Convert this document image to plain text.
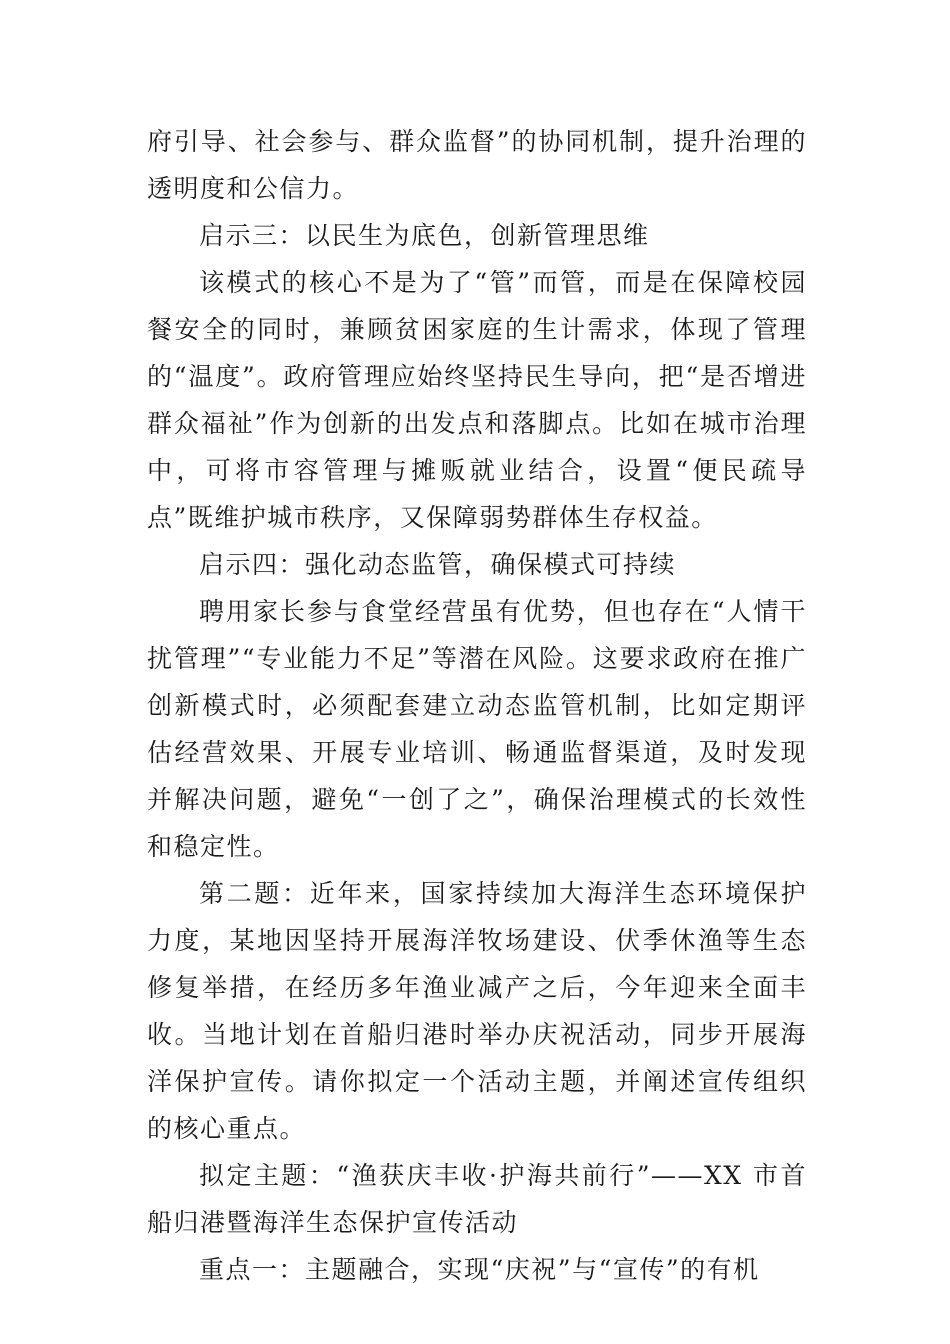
府引导、社会参与、群众监督”的协同机制，提升治理的透明度和公信力。

启示三：以民生为底色，创新管理思维

该模式的核心不是为了“管”而管，而是在保障校园餐安全的同时，兼顾贫困家庭的生计需求，体现了管理的“温度”。政府管理应始终坚持民生导向，把“是否增进群众福祉”作为创新的出发点和落脚点。比如在城市治理中，可将市容管理与摊贩就业结合，设置“便民疏导点”既维护城市秩序，又保障弱势群体生存权益。

启示四：强化动态监管，确保模式可持续

聘用家长参与食堂经营虽有优势，但也存在“人情干扰管理”“专业能力不足”等潜在风险。这要求政府在推广创新模式时，必须配套建立动态监管机制，比如定期评估经营效果、开展专业培训、畅通监督渠道，及时发现并解决问题，避免“一创了之”，确保治理模式的长效性和稳定性。

第二题：近年来，国家持续加大海洋生态环境保护力度，某地因坚持开展海洋牧场建设、伏季休渔等生态修复举措，在经历多年渔业减产之后，今年迎来全面丰收。当地计划在首船归港时举办庆祝活动，同步开展海洋保护宣传。请你拟定一个活动主题，并阐述宣传组织的核心重点。

拟定主题：“渔获庆丰收·护海共前行”——XX 市首船归港暨海洋生态保护宣传活动

重点一：主题融合，实现“庆祝”与“宣传”的有机
